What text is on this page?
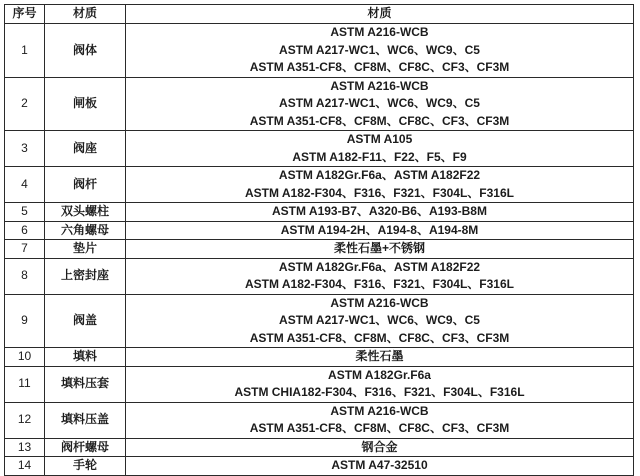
序号	材质	材质
1	阀体	ASTM A216-WCB
ASTM A217-WC1、WC6、WC9、C5
ASTM A351-CF8、CF8M、CF8C、CF3、CF3M

2	闸板	ASTM A216-WCB
ASTM A217-WC1、WC6、WC9、C5
ASTM A351-CF8、CF8M、CF8C、CF3、CF3M

3	阀座	ASTM A105
ASTM A182-F11、F22、F5、F9

4	阀杆	ASTM A182Gr.F6a、ASTM A182F22
ASTM A182-F304、F316、F321、F304L、F316L

5	双头螺柱	ASTM A193-B7、A320-B6、A193-B8M

6	六角螺母	ASTM A194-2H、A194-8、A194-8M

7	垫片	柔性石墨+不锈钢

8	上密封座	ASTM A182Gr.F6a、ASTM A182F22
ASTM A182-F304、F316、F321、F304L、F316L

9	阀盖	ASTM A216-WCB
ASTM A217-WC1、WC6、WC9、C5
ASTM A351-CF8、CF8M、CF8C、CF3、CF3M

10	填料	柔性石墨

11	填料压套	ASTM A182Gr.F6a
ASTM CHIA182-F304、F316、F321、F304L、F316L

12	填料压盖	ASTM A216-WCB
ASTM A351-CF8、CF8M、CF8C、CF3、CF3M

13	阀杆螺母	钢合金

14	手轮	ASTM A47-32510
